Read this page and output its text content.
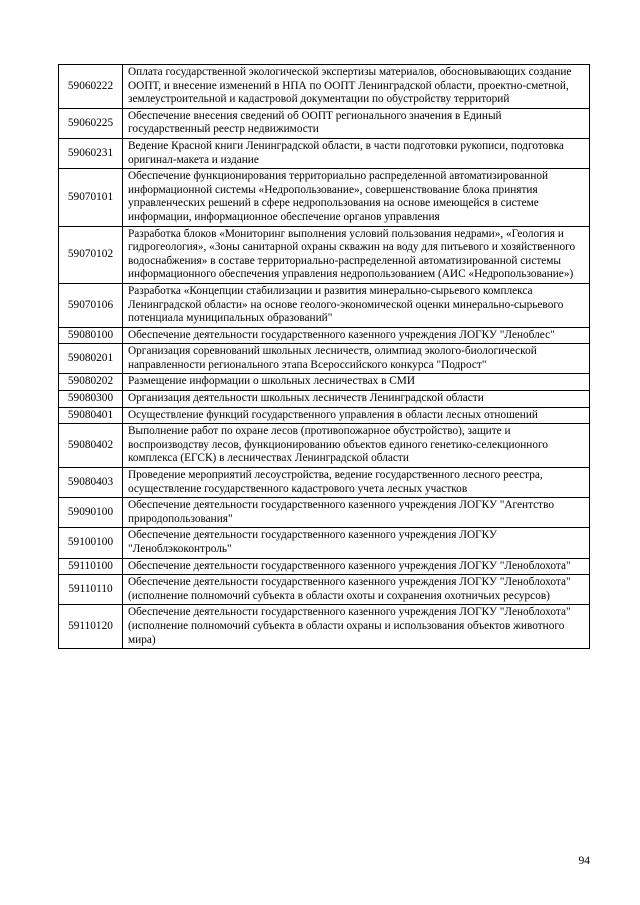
59060222	Оплата государственной экологической экспертизы материалов, обосновывающих создание ООПТ, и внесение изменений в НПА по ООПТ Ленинградской области, проектно-сметной, землеустроительной и кадастровой документации по обустройству территорий
59060225	Обеспечение внесения сведений об ООПТ регионального значения в Единый государственный реестр недвижимости
59060231	Ведение Красной книги Ленинградской области, в части подготовки рукописи, подготовка оригинал-макета и издание
59070101	Обеспечение функционирования территориально распределенной автоматизированной информационной системы «Недропользование», совершенствование блока принятия управленческих решений в сфере недропользования на основе имеющейся в системе информации, информационное обеспечение органов управления
59070102	Разработка блоков «Мониторинг выполнения условий пользования недрами», «Геология и гидрогеология», «Зоны санитарной охраны скважин на воду для питьевого и хозяйственного водоснабжения» в составе территориально-распределенной автоматизированной системы информационного обеспечения управления недропользованием (АИС «Недропользование»)
59070106	Разработка «Концепции стабилизации и развития минерально-сырьевого комплекса Ленинградской области» на основе геолого-экономической оценки минерально-сырьевого потенциала муниципальных образований"
59080100	Обеспечение деятельности государственного казенного учреждения ЛОГКУ "Леноблес"
59080201	Организация соревнований школьных лесничеств, олимпиад эколого-биологической направленности регионального этапа Всероссийского конкурса "Подрост"
59080202	Размещение информации о школьных лесничествах в СМИ
59080300	Организация деятельности школьных лесничеств Ленинградской области
59080401	Осуществление функций государственного управления в области лесных отношений
59080402	Выполнение работ по охране лесов (противопожарное обустройство), защите и воспроизводству лесов, функционированию объектов единого генетико-селекционного комплекса (ЕГСК) в лесничествах Ленинградской области
59080403	Проведение мероприятий лесоустройства, ведение государственного лесного реестра, осуществление государственного кадастрового учета лесных участков
59090100	Обеспечение деятельности государственного казенного учреждения ЛОГКУ "Агентство природопользования"
59100100	Обеспечение деятельности государственного казенного учреждения ЛОГКУ "Леноблэкоконтроль"
59110100	Обеспечение деятельности государственного казенного учреждения ЛОГКУ "Леноблохота"
59110110	Обеспечение деятельности государственного казенного учреждения ЛОГКУ "Леноблохота" (исполнение полномочий субъекта в области охоты и сохранения охотничьих ресурсов)
59110120	Обеспечение деятельности государственного казенного учреждения ЛОГКУ "Леноблохота" (исполнение полномочий субъекта в области охраны и использования объектов животного мира)
94
